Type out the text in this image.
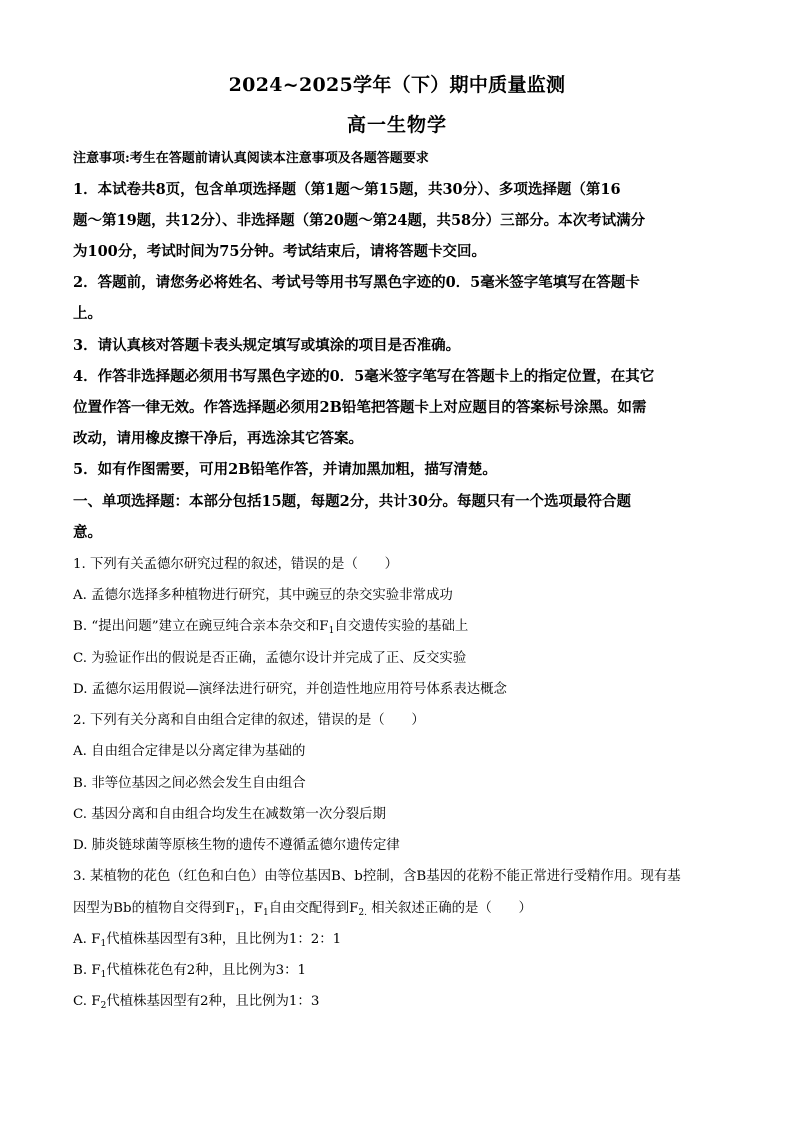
2024~2025学年（下）期中质量监测
高一生物学
注意事项:考生在答题前请认真阅读本注意事项及各题答题要求
1．本试卷共8页，包含单项选择题（第1题～第15题，共30分）、多项选择题（第16
题～第19题，共12分）、非选择题（第20题～第24题，共58分）三部分。本次考试满分
为100分，考试时间为75分钟。考试结束后，请将答题卡交回。
2．答题前，请您务必将姓名、考试号等用书写黑色字迹的0．5毫米签字笔填写在答题卡
上。
3．请认真核对答题卡表头规定填写或填涂的项目是否准确。
4．作答非选择题必须用书写黑色字迹的0．5毫米签字笔写在答题卡上的指定位置，在其它
位置作答一律无效。作答选择题必须用2B铅笔把答题卡上对应题目的答案标号涂黑。如需
改动，请用橡皮擦干净后，再选涂其它答案。
5．如有作图需要，可用2B铅笔作答，并请加黑加粗，描写清楚。
一、单项选择题：本部分包括15题，每题2分，共计30分。每题只有一个选项最符合题
意。
1. 下列有关孟德尔研究过程的叙述，错误的是（　　）
A. 孟德尔选择多种植物进行研究，其中豌豆的杂交实验非常成功
B. “提出问题”建立在豌豆纯合亲本杂交和$F_1$自交遗传实验的基础上
C. 为验证作出的假说是否正确，孟德尔设计并完成了正、反交实验
D. 孟德尔运用假说—演绎法进行研究，并创造性地应用符号体系表达概念
2. 下列有关分离和自由组合定律的叙述，错误的是（　　）
A. 自由组合定律是以分离定律为基础的
B. 非等位基因之间必然会发生自由组合
C. 基因分离和自由组合均发生在减数第一次分裂后期
D. 肺炎链球菌等原核生物的遗传不遵循孟德尔遗传定律
3. 某植物的花色（红色和白色）由等位基因B、b控制，含B基因的花粉不能正常进行受精作用。现有基
因型为Bb的植物自交得到$F_1$，$F_1$自由交配得到$F_{2.}$ 相关叙述正确的是（　　）
A. $F_1$代植株基因型有3种，且比例为1：2：1
B. $F_1$代植株花色有2种，且比例为3：1
C. $F_2$代植株基因型有2种，且比例为1：3
